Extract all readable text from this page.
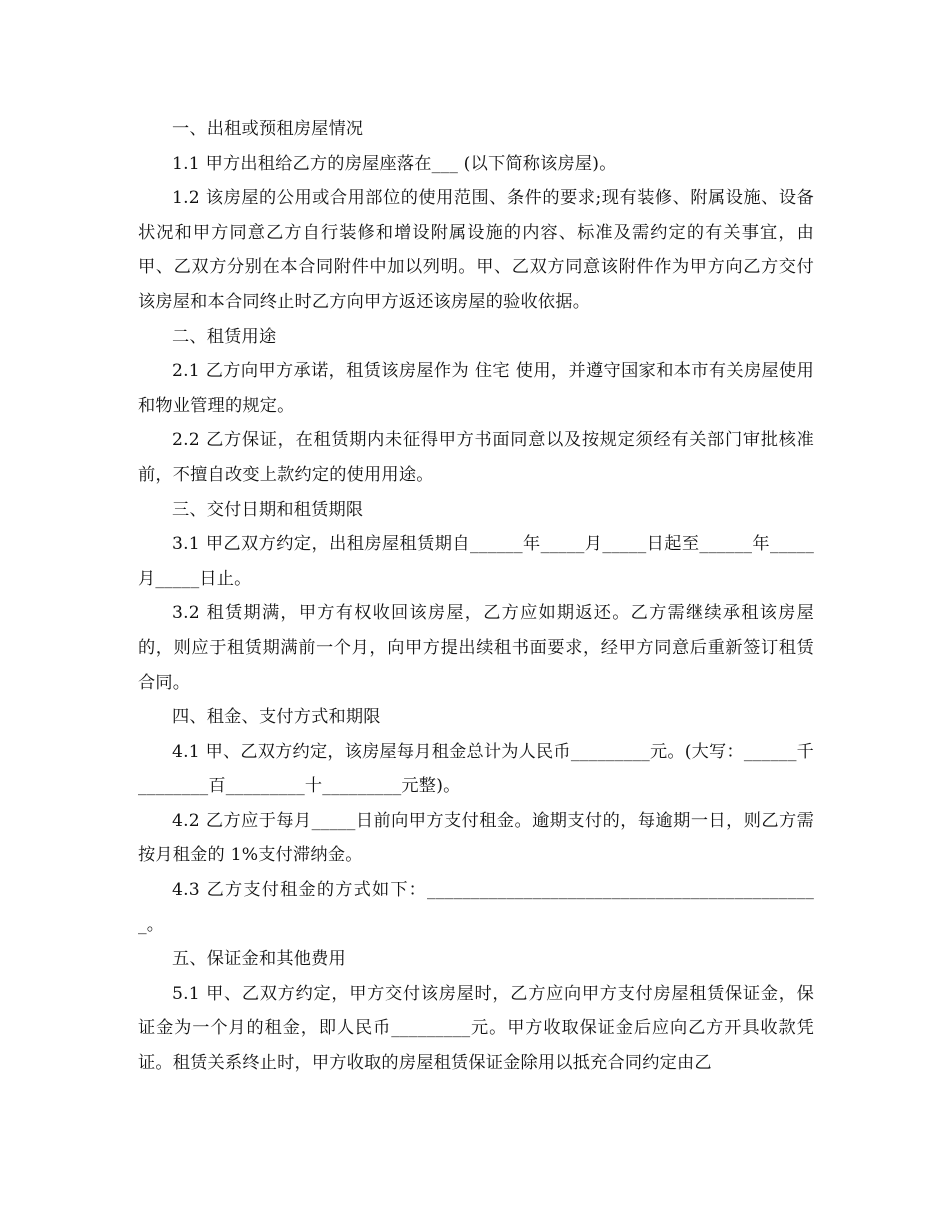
一、出租或预租房屋情况

1.1 甲方出租给乙方的房屋座落在___ (以下简称该房屋)。

1.2 该房屋的公用或合用部位的使用范围、条件的要求;现有装修、附属设施、设备状况和甲方同意乙方自行装修和增设附属设施的内容、标准及需约定的有关事宜，由甲、乙双方分别在本合同附件中加以列明。甲、乙双方同意该附件作为甲方向乙方交付该房屋和本合同终止时乙方向甲方返还该房屋的验收依据。

二、租赁用途

2.1 乙方向甲方承诺，租赁该房屋作为 住宅 使用，并遵守国家和本市有关房屋使用和物业管理的规定。

2.2 乙方保证，在租赁期内未征得甲方书面同意以及按规定须经有关部门审批核准前，不擅自改变上款约定的使用用途。

三、交付日期和租赁期限

3.1 甲乙双方约定，出租房屋租赁期自______年_____月_____日起至______年_____月_____日止。

3.2 租赁期满，甲方有权收回该房屋，乙方应如期返还。乙方需继续承租该房屋的，则应于租赁期满前一个月，向甲方提出续租书面要求，经甲方同意后重新签订租赁合同。

四、租金、支付方式和期限

4.1 甲、乙双方约定，该房屋每月租金总计为人民币_________元。(大写：______千________百_________十_________元整)。

4.2 乙方应于每月_____日前向甲方支付租金。逾期支付的，每逾期一日，则乙方需按月租金的 1%支付滞纳金。

4.3 乙方支付租金的方式如下：_____________________________________________。

五、保证金和其他费用

5.1 甲、乙双方约定，甲方交付该房屋时，乙方应向甲方支付房屋租赁保证金，保证金为一个月的租金，即人民币_________元。甲方收取保证金后应向乙方开具收款凭证。租赁关系终止时，甲方收取的房屋租赁保证金除用以抵充合同约定由乙
